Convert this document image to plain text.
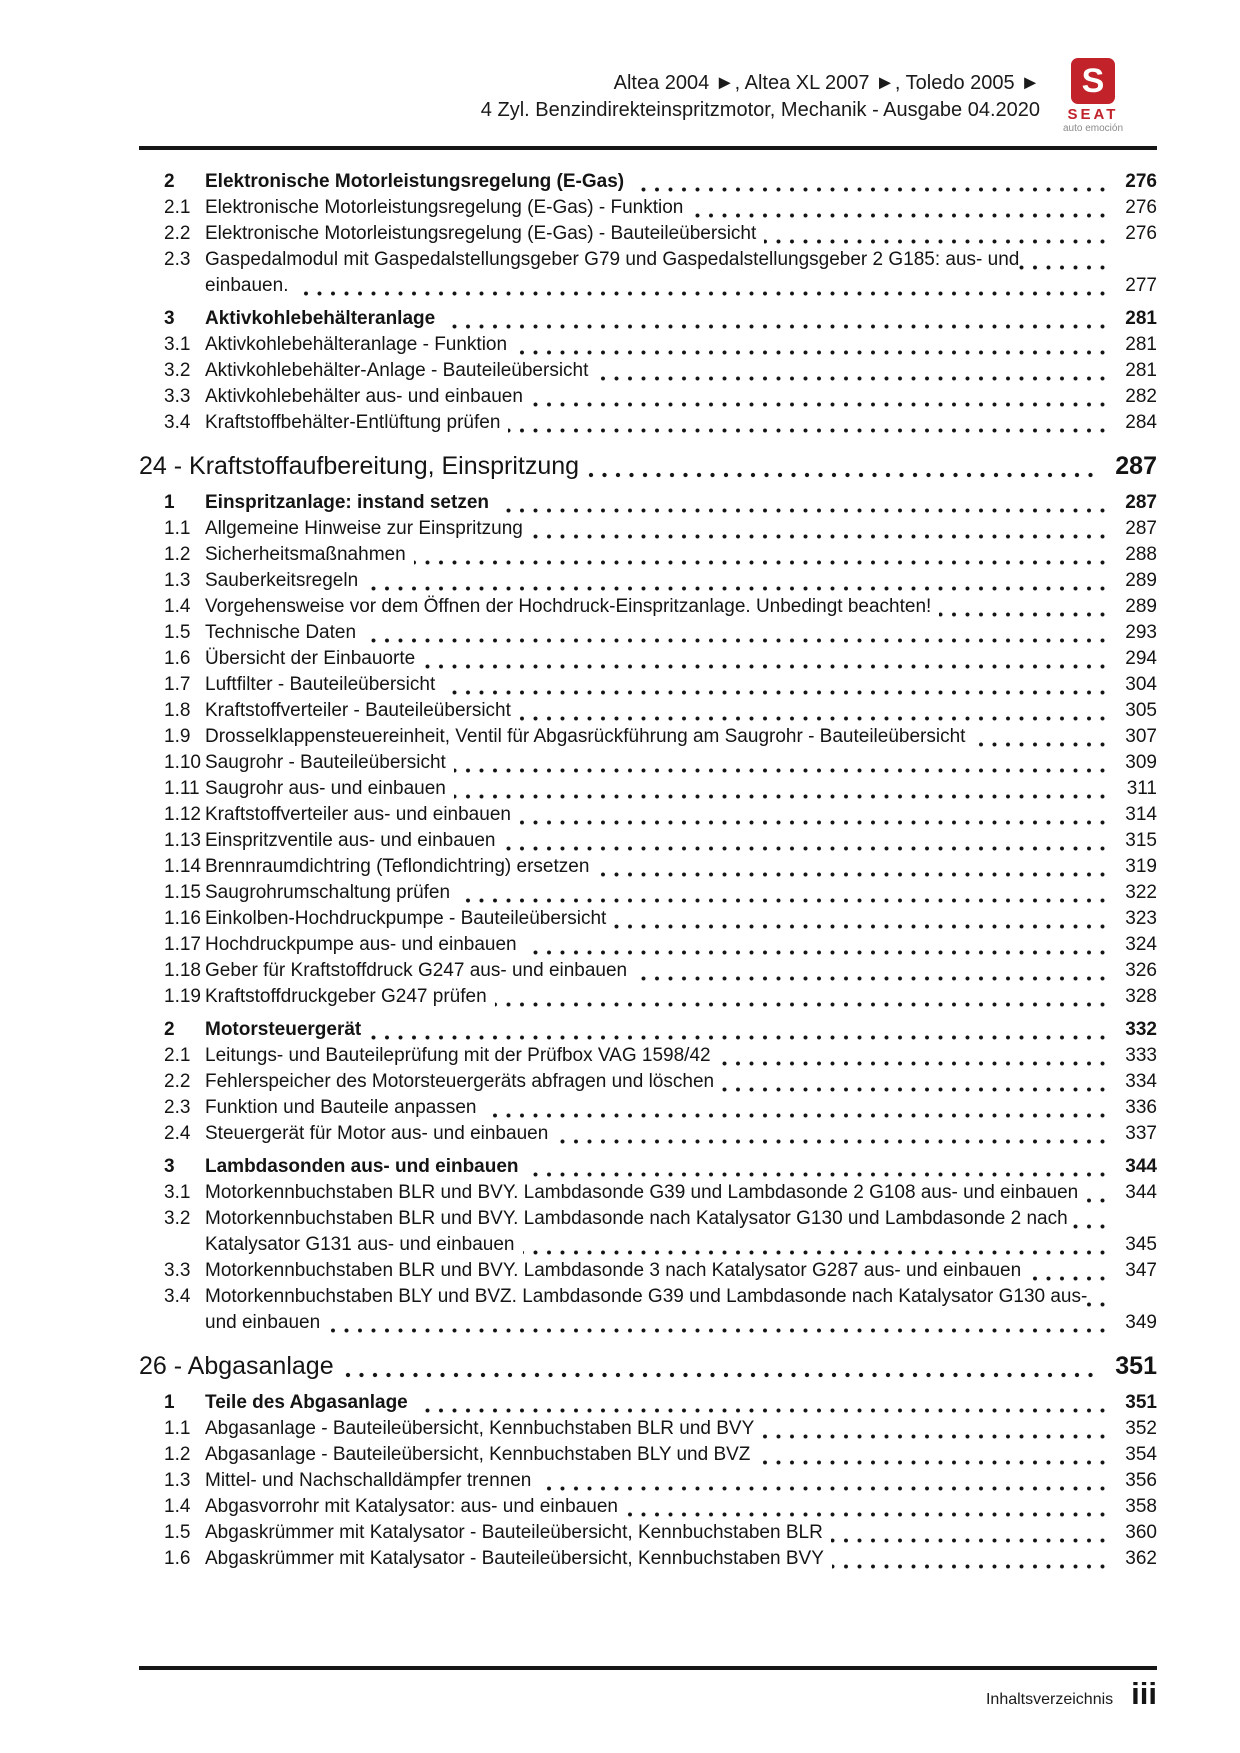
Altea 2004 ►, Altea XL 2007 ►, Toledo 2005 ►
4 Zyl. Benzindirekteinspritzmotor, Mechanik - Ausgabe 04.2020
S
SEAT
auto emoción
2	Elektronische Motorleistungsregelung (E-Gas)	276
2.1 Elektronische Motorleistungsregelung (E-Gas) - Funktion	276
2.2 Elektronische Motorleistungsregelung (E-Gas) - Bauteileübersicht	276
2.3 Gaspedalmodul mit Gaspedalstellungsgeber G79 und Gaspedalstellungsgeber 2 G185: aus- und einbauen.	277
3	Aktivkohlebehälteranlage	281
3.1 Aktivkohlebehälteranlage - Funktion	281
3.2 Aktivkohlebehälter-Anlage - Bauteileübersicht	281
3.3 Aktivkohlebehälter aus- und einbauen	282
3.4 Kraftstoffbehälter-Entlüftung prüfen	284
24 - Kraftstoffaufbereitung, Einspritzung	287
1	Einspritzanlage: instand setzen	287
1.1 Allgemeine Hinweise zur Einspritzung	287
1.2 Sicherheitsmaßnahmen	288
1.3 Sauberkeitsregeln	289
1.4 Vorgehensweise vor dem Öffnen der Hochdruck-Einspritzanlage. Unbedingt beachten!	289
1.5 Technische Daten	293
1.6 Übersicht der Einbauorte	294
1.7 Luftfilter - Bauteileübersicht	304
1.8 Kraftstoffverteiler - Bauteileübersicht	305
1.9 Drosselklappensteuereinheit, Ventil für Abgasrückführung am Saugrohr - Bauteileübersicht	307
1.10 Saugrohr - Bauteileübersicht	309
1.11 Saugrohr aus- und einbauen	311
1.12 Kraftstoffverteiler aus- und einbauen	314
1.13 Einspritzventile aus- und einbauen	315
1.14 Brennraumdichtring (Teflondichtring) ersetzen	319
1.15 Saugrohrumschaltung prüfen	322
1.16 Einkolben-Hochdruckpumpe - Bauteileübersicht	323
1.17 Hochdruckpumpe aus- und einbauen	324
1.18 Geber für Kraftstoffdruck G247 aus- und einbauen	326
1.19 Kraftstoffdruckgeber G247 prüfen	328
2	Motorsteuergerät	332
2.1 Leitungs- und Bauteileprüfung mit der Prüfbox VAG 1598/42	333
2.2 Fehlerspeicher des Motorsteuergeräts abfragen und löschen	334
2.3 Funktion und Bauteile anpassen	336
2.4 Steuergerät für Motor aus- und einbauen	337
3	Lambdasonden aus- und einbauen	344
3.1 Motorkennbuchstaben BLR und BVY. Lambdasonde G39 und Lambdasonde 2 G108 aus- und einbauen	344
3.2 Motorkennbuchstaben BLR und BVY. Lambdasonde nach Katalysator G130 und Lambdasonde 2 nach Katalysator G131 aus- und einbauen	345
3.3 Motorkennbuchstaben BLR und BVY. Lambdasonde 3 nach Katalysator G287 aus- und einbauen	347
3.4 Motorkennbuchstaben BLY und BVZ. Lambdasonde G39 und Lambdasonde nach Katalysator G130 aus- und einbauen	349
26 - Abgasanlage	351
1	Teile des Abgasanlage	351
1.1 Abgasanlage - Bauteileübersicht, Kennbuchstaben BLR und BVY	352
1.2 Abgasanlage - Bauteileübersicht, Kennbuchstaben BLY und BVZ	354
1.3 Mittel- und Nachschalldämpfer trennen	356
1.4 Abgasvorrohr mit Katalysator: aus- und einbauen	358
1.5 Abgaskrümmer mit Katalysator - Bauteileübersicht, Kennbuchstaben BLR	360
1.6 Abgaskrümmer mit Katalysator - Bauteileübersicht, Kennbuchstaben BVY	362
Inhaltsverzeichnis iii
